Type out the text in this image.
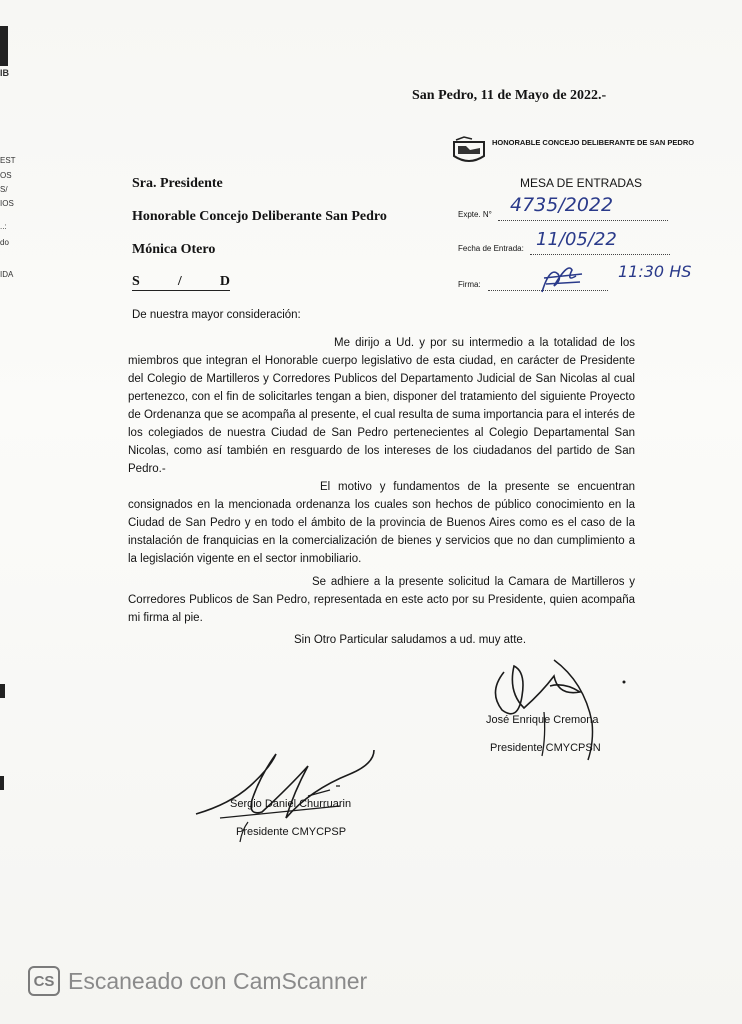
IB
EST
OS
S/
IOS
..:
do
IDA
San Pedro, 11 de Mayo de 2022.-
Sra. Presidente
Honorable Concejo Deliberante San Pedro
Mónica Otero
S	/	D
HONORABLE CONCEJO DELIBERANTE DE SAN PEDRO
MESA DE ENTRADAS
Expte. N° 4735/2022
Fecha de Entrada: 11/05/22
Firma:
11:30 HS
De nuestra mayor consideración:
Me dirijo a Ud. y por su intermedio a la totalidad de los miembros que integran el Honorable cuerpo legislativo de esta ciudad, en carácter de Presidente del Colegio de Martilleros y Corredores Publicos del Departamento Judicial de San Nicolas al cual pertenezco, con el fin de solicitarles tengan a bien, disponer del tratamiento del siguiente Proyecto de Ordenanza que se acompaña al presente, el cual resulta de suma importancia para el interés de los colegiados de nuestra Ciudad de San Pedro pertenecientes al Colegio Departamental San Nicolas, como así también en resguardo de los intereses de los ciudadanos del partido de San Pedro.-
El motivo y fundamentos de la presente se encuentran consignados en la mencionada ordenanza los cuales son hechos de público conocimiento en la Ciudad de San Pedro y en todo el ámbito de la provincia de Buenos Aires como es el caso de la instalación de franquicias en la comercialización de bienes y servicios que no dan cumplimiento a la legislación vigente en el sector inmobiliario.
Se adhiere a la presente solicitud la Camara de Martilleros y Corredores Publicos de San Pedro, representada en este acto por su Presidente, quien acompaña mi firma al pie.
Sin Otro Particular saludamos a ud. muy atte.
José Enrique Cremona
Presidente CMYCPSN
Sergio Daniel Churruarin
Presidente CMYCPSP
CS Escaneado con CamScanner
